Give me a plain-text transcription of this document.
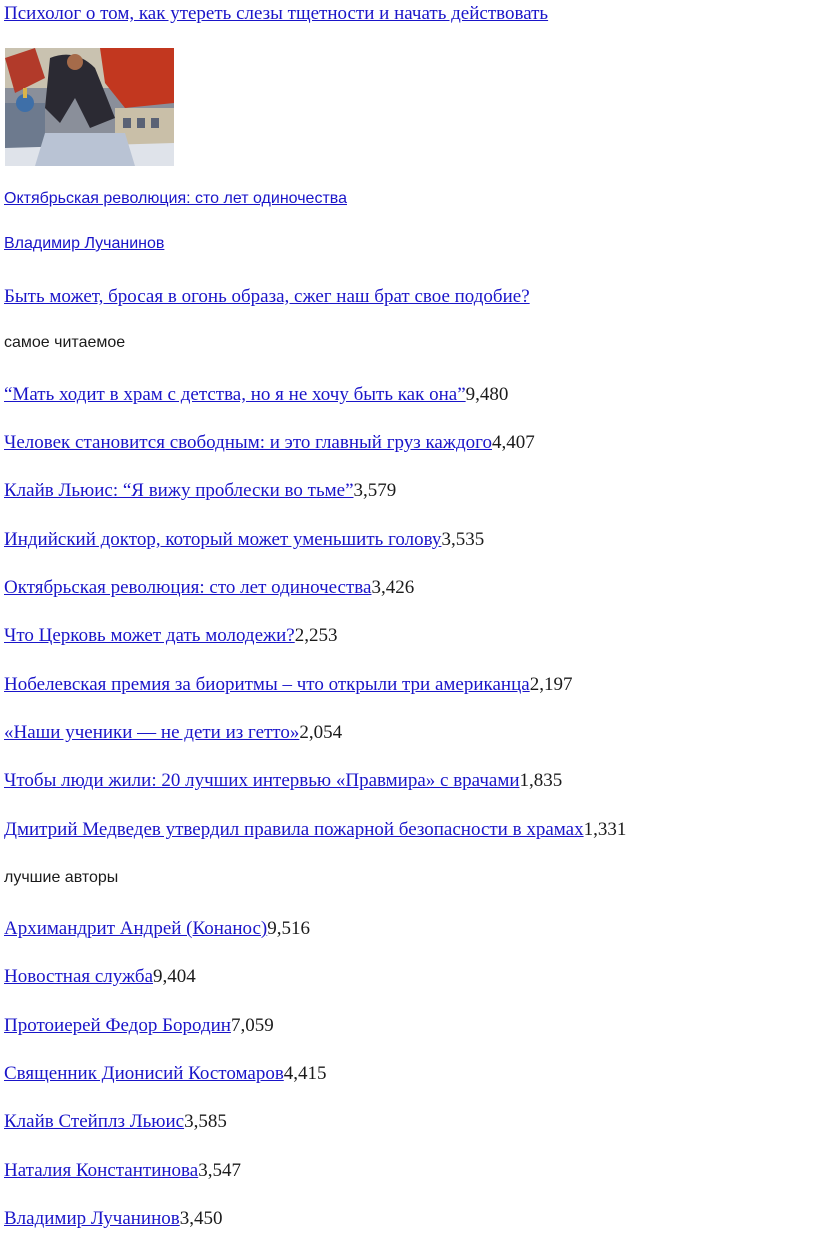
Психолог о том, как утереть слезы тщетности и начать действовать
Октябрьская революция: сто лет одиночества
Владимир Лучанинов
Быть может, бросая в огонь образа, сжег наш брат свое подобие?
самое читаемое
“Мать ходит в храм с детства, но я не хочу быть как она”9,480
Человек становится свободным: и это главный груз каждого4,407
Клайв Льюис: “Я вижу проблески во тьме”3,579
Индийский доктор, который может уменьшить голову3,535
Октябрьская революция: сто лет одиночества3,426
Что Церковь может дать молодежи?2,253
Нобелевская премия за биоритмы – что открыли три американца2,197
«Наши ученики — не дети из гетто»2,054
Чтобы люди жили: 20 лучших интервью «Правмира» с врачами1,835
Дмитрий Медведев утвердил правила пожарной безопасности в храмах1,331
лучшие авторы
Архимандрит Андрей (Конанос)9,516
Новостная служба9,404
Протоиерей Федор Бородин7,059
Священник Дионисий Костомаров4,415
Клайв Стейплз Льюис3,585
Наталия Константинова3,547
Владимир Лучанинов3,450
